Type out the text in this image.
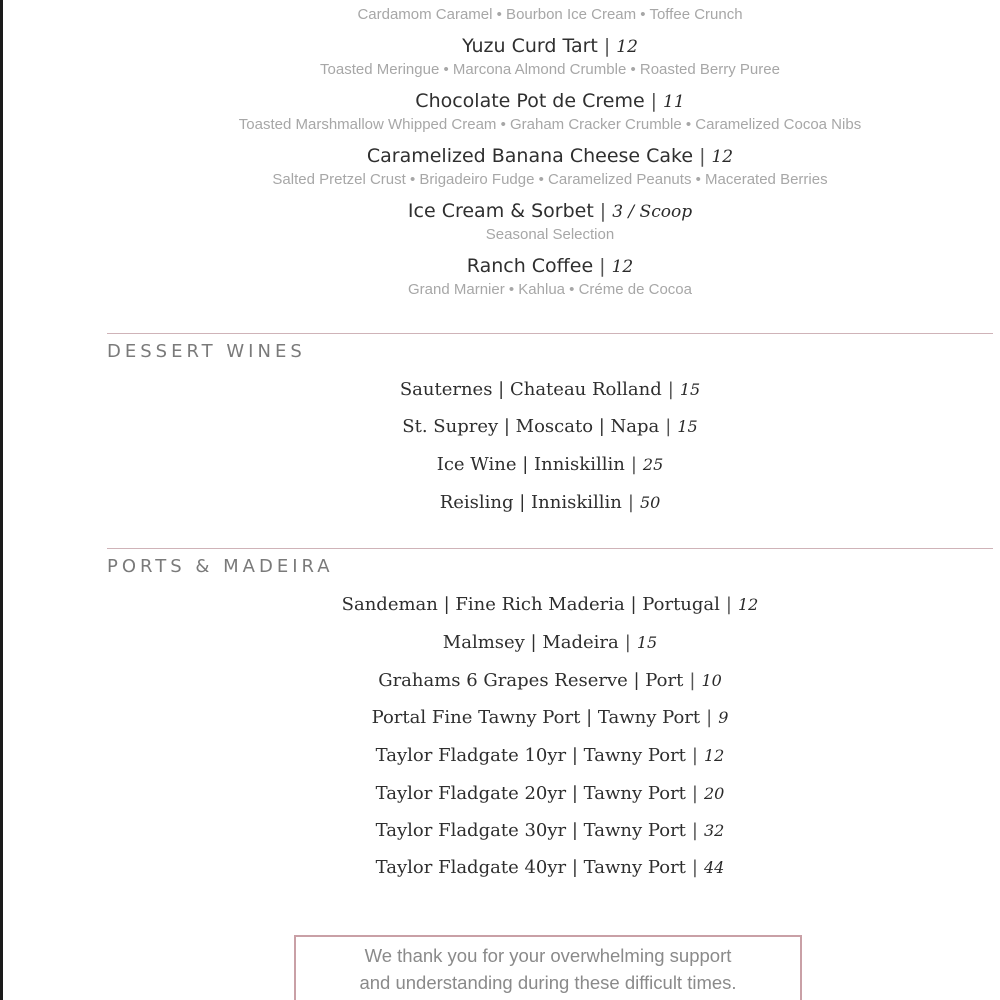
Cardamom Caramel • Bourbon Ice Cream • Toffee Crunch
Yuzu Curd Tart | 12
Toasted Meringue • Marcona Almond Crumble • Roasted Berry Puree
Chocolate Pot de Creme | 11
Toasted Marshmallow Whipped Cream • Graham Cracker Crumble • Caramelized Cocoa Nibs
Caramelized Banana Cheese Cake | 12
Salted Pretzel Crust • Brigadeiro Fudge • Caramelized Peanuts • Macerated Berries
Ice Cream & Sorbet | 3 / Scoop
Seasonal Selection
Ranch Coffee | 12
Grand Marnier • Kahlua • Créme de Cocoa
DESSERT WINES
Sauternes | Chateau Rolland | 15
St. Suprey | Moscato | Napa | 15
Ice Wine | Inniskillin | 25
Reisling | Inniskillin | 50
PORTS & MADEIRA
Sandeman | Fine Rich Maderia | Portugal | 12
Malmsey | Madeira | 15
Grahams 6 Grapes Reserve | Port | 10
Portal Fine Tawny Port | Tawny Port | 9
Taylor Fladgate 10yr | Tawny Port | 12
Taylor Fladgate 20yr | Tawny Port | 20
Taylor Fladgate 30yr | Tawny Port | 32
Taylor Fladgate 40yr | Tawny Port | 44
We thank you for your overwhelming support
and understanding during these difficult times.
